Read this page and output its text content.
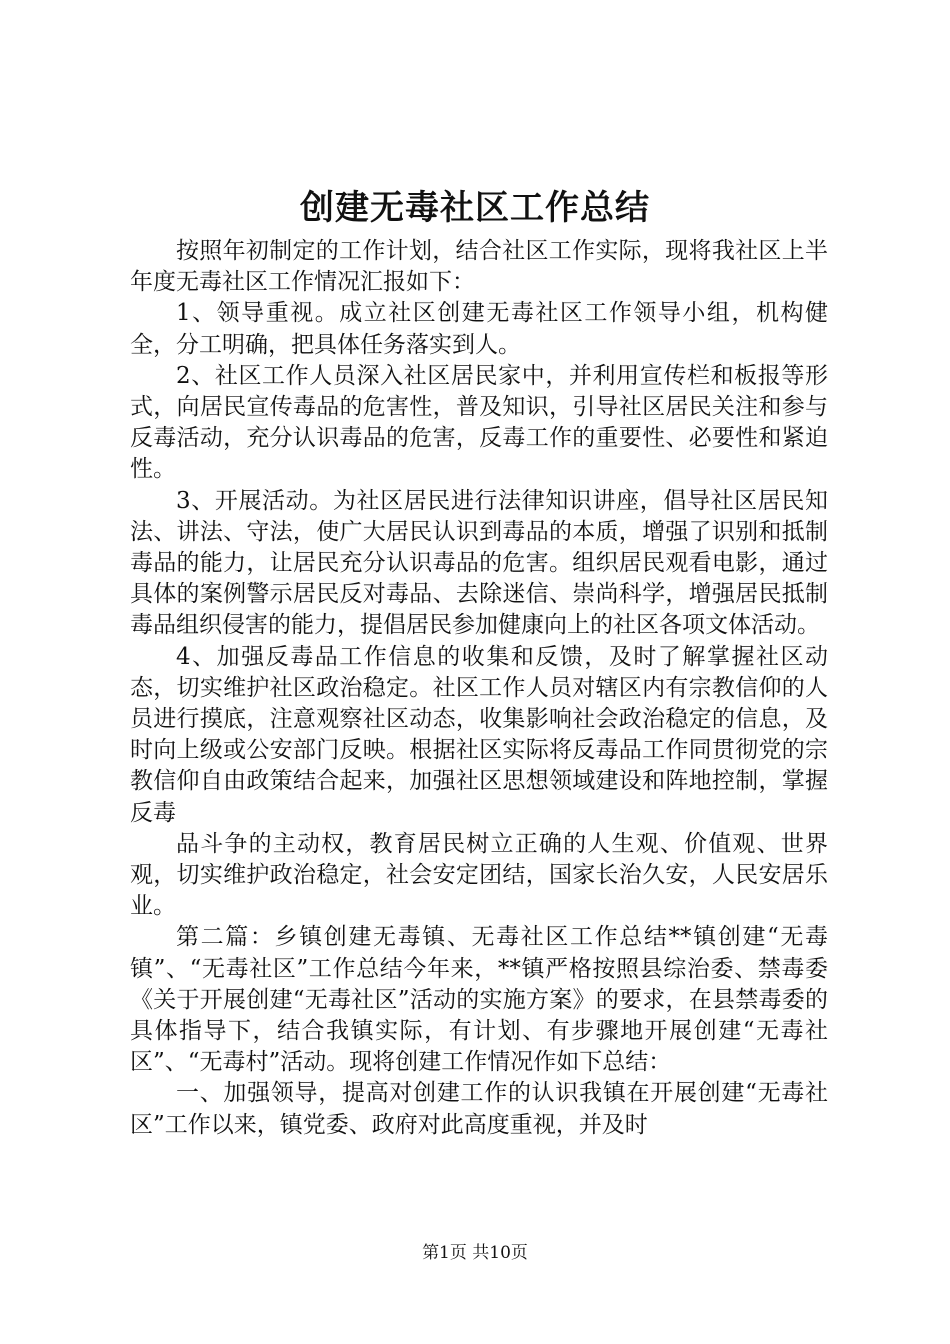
创建无毒社区工作总结

按照年初制定的工作计划，结合社区工作实际，现将我社区上半年度无毒社区工作情况汇报如下：

1、领导重视。成立社区创建无毒社区工作领导小组，机构健全，分工明确，把具体任务落实到人。

2、社区工作人员深入社区居民家中，并利用宣传栏和板报等形式，向居民宣传毒品的危害性，普及知识，引导社区居民关注和参与反毒活动，充分认识毒品的危害，反毒工作的重要性、必要性和紧迫性。

3、开展活动。为社区居民进行法律知识讲座，倡导社区居民知法、讲法、守法，使广大居民认识到毒品的本质，增强了识别和抵制毒品的能力，让居民充分认识毒品的危害。组织居民观看电影，通过具体的案例警示居民反对毒品、去除迷信、崇尚科学，增强居民抵制毒品组织侵害的能力，提倡居民参加健康向上的社区各项文体活动。

4、加强反毒品工作信息的收集和反馈，及时了解掌握社区动态，切实维护社区政治稳定。社区工作人员对辖区内有宗教信仰的人员进行摸底，注意观察社区动态，收集影响社会政治稳定的信息，及时向上级或公安部门反映。根据社区实际将反毒品工作同贯彻党的宗教信仰自由政策结合起来，加强社区思想领域建设和阵地控制，掌握反毒

品斗争的主动权，教育居民树立正确的人生观、价值观、世界观，切实维护政治稳定，社会安定团结，国家长治久安，人民安居乐业。

第二篇：乡镇创建无毒镇、无毒社区工作总结**镇创建“无毒镇”、“无毒社区”工作总结今年来，**镇严格按照县综治委、禁毒委《关于开展创建“无毒社区”活动的实施方案》的要求，在县禁毒委的具体指导下，结合我镇实际，有计划、有步骤地开展创建“无毒社区”、“无毒村”活动。现将创建工作情况作如下总结：

一、加强领导，提高对创建工作的认识我镇在开展创建“无毒社区”工作以来，镇党委、政府对此高度重视，并及时

第1页 共10页
